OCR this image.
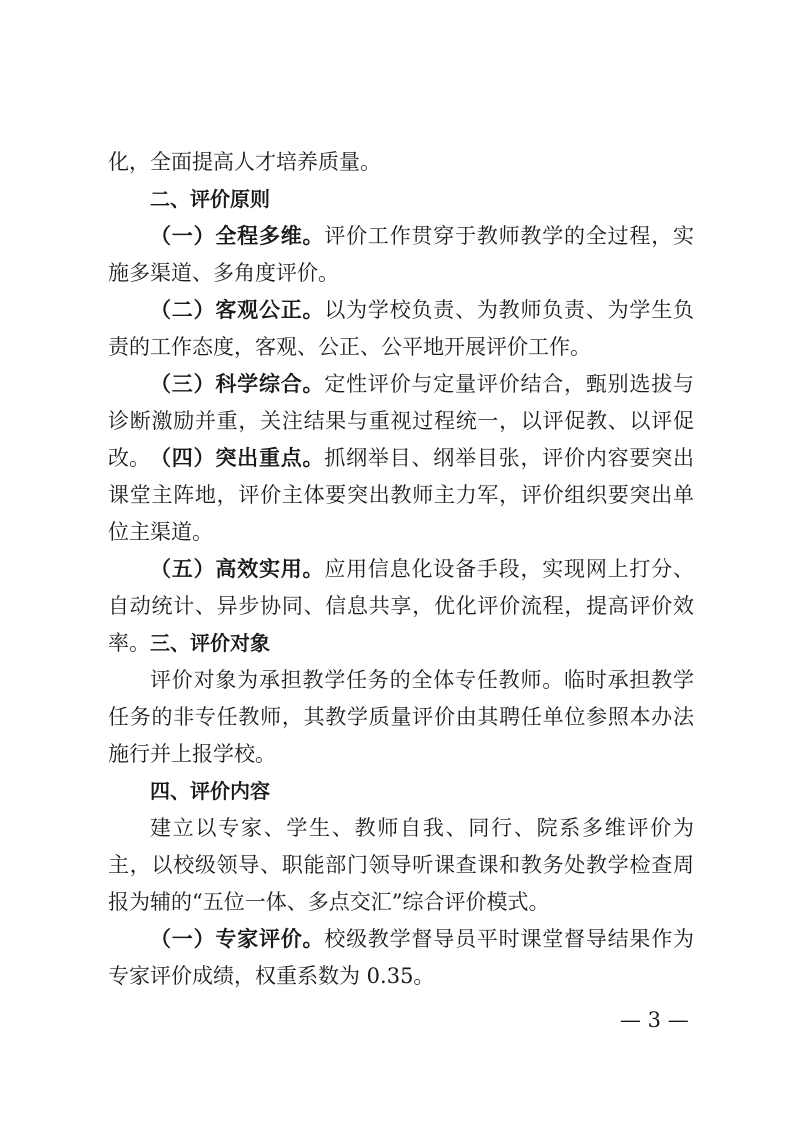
化，全面提高人才培养质量。

二、评价原则

（一）全程多维。评价工作贯穿于教师教学的全过程，实施多渠道、多角度评价。

（二）客观公正。以为学校负责、为教师负责、为学生负责的工作态度，客观、公正、公平地开展评价工作。

（三）科学综合。定性评价与定量评价结合，甄别选拔与诊断激励并重，关注结果与重视过程统一，以评促教、以评促改。 （四）突出重点。抓纲举目、纲举目张，评价内容要突出课堂主阵地，评价主体要突出教师主力军，评价组织要突出单位主渠道。

（五）高效实用。应用信息化设备手段，实现网上打分、自动统计、异步协同、信息共享，优化评价流程，提高评价效率。 三、评价对象

评价对象为承担教学任务的全体专任教师。临时承担教学任务的非专任教师，其教学质量评价由其聘任单位参照本办法施行并上报学校。

四、评价内容

建立以专家、学生、教师自我、同行、院系多维评价为主，以校级领导、职能部门领导听课查课和教务处教学检查周报为辅的“五位一体、多点交汇”综合评价模式。

（一）专家评价。校级教学督导员平时课堂督导结果作为专家评价成绩，权重系数为 0.35。

— 3 —
